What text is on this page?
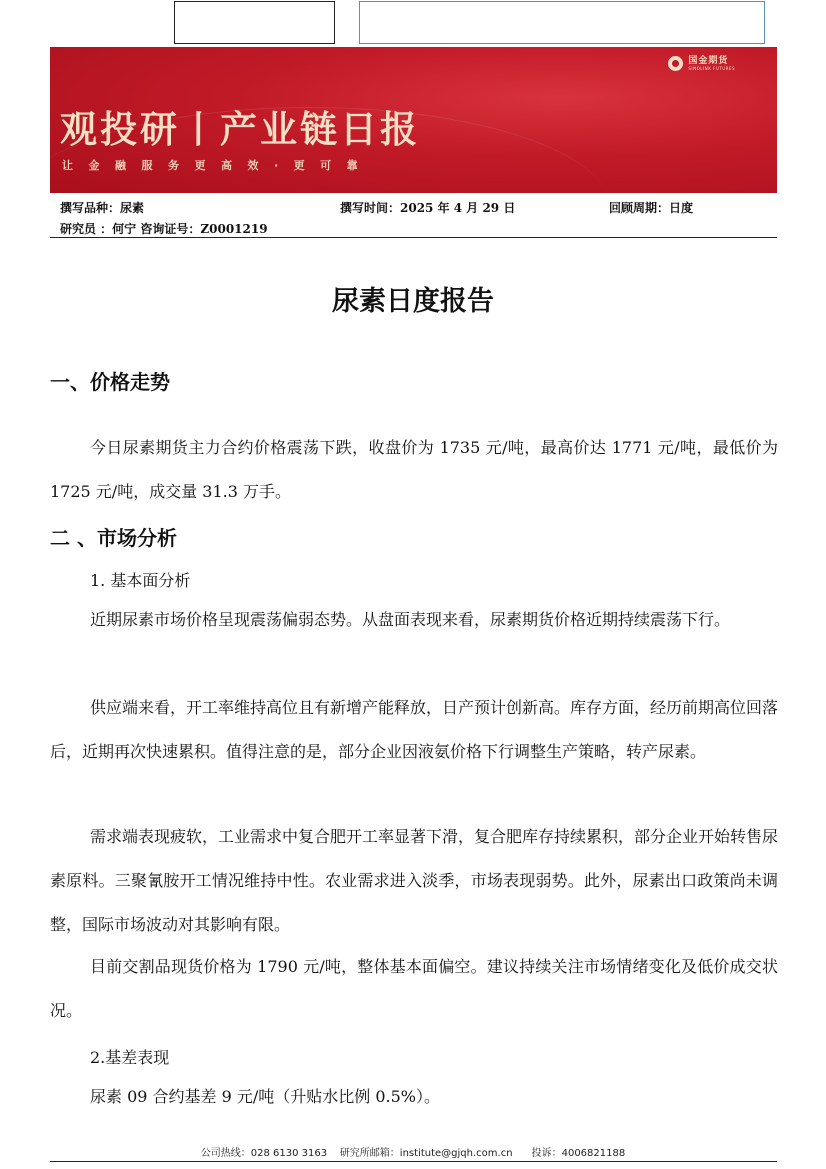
国金期货
SINOLINK FUTURES
观投研丨产业链日报
让金融服务更高效·更可靠
撰写品种：尿素	撰写时间：2025 年 4 月 29 日	回顾周期：日度
研究员 ：何宁 咨询证号：Z0001219
尿素日度报告
一、价格走势

今日尿素期货主力合约价格震荡下跌，收盘价为 1735 元/吨，最高价达 1771 元/吨，最低价为 1725 元/吨，成交量 31.3 万手。

二 、市场分析
1. 基本面分析

近期尿素市场价格呈现震荡偏弱态势。从盘面表现来看，尿素期货价格近期持续震荡下行。

供应端来看，开工率维持高位且有新增产能释放，日产预计创新高。库存方面，经历前期高位回落后，近期再次快速累积。值得注意的是，部分企业因液氨价格下行调整生产策略，转产尿素。

需求端表现疲软，工业需求中复合肥开工率显著下滑，复合肥库存持续累积，部分企业开始转售尿素原料。三聚氰胺开工情况维持中性。农业需求进入淡季，市场表现弱势。此外，尿素出口政策尚未调整，国际市场波动对其影响有限。

目前交割品现货价格为 1790 元/吨，整体基本面偏空。建议持续关注市场情绪变化及低价成交状况。

2.基差表现

尿素 09 合约基差 9 元/吨（升贴水比例 0.5%）。

公司热线：028 6130 3163    研究所邮箱：institute@gjqh.com.cn      投诉：4006821188
